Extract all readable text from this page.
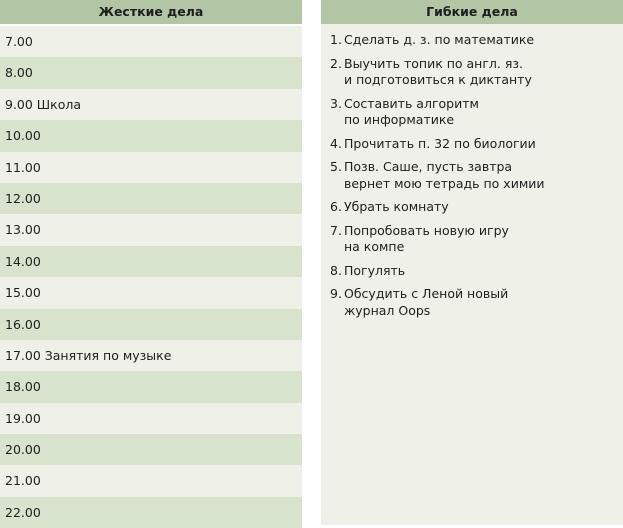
Жесткие дела
7.00
8.00
9.00 Школа
10.00
11.00
12.00
13.00
14.00
15.00
16.00
17.00 Занятия по музыке
18.00
19.00
20.00
21.00
22.00
Гибкие дела
1. Сделать д. з. по математике
2. Выучить топик по англ. яз.
и подготовиться к диктанту
3. Составить алгоритм
по информатике
4. Прочитать п. 32 по биологии
5. Позв. Саше, пусть завтра
вернет мою тетрадь по химии
6. Убрать комнату
7. Попробовать новую игру
на компе
8. Погулять
9. Обсудить с Леной новый
журнал Oops
